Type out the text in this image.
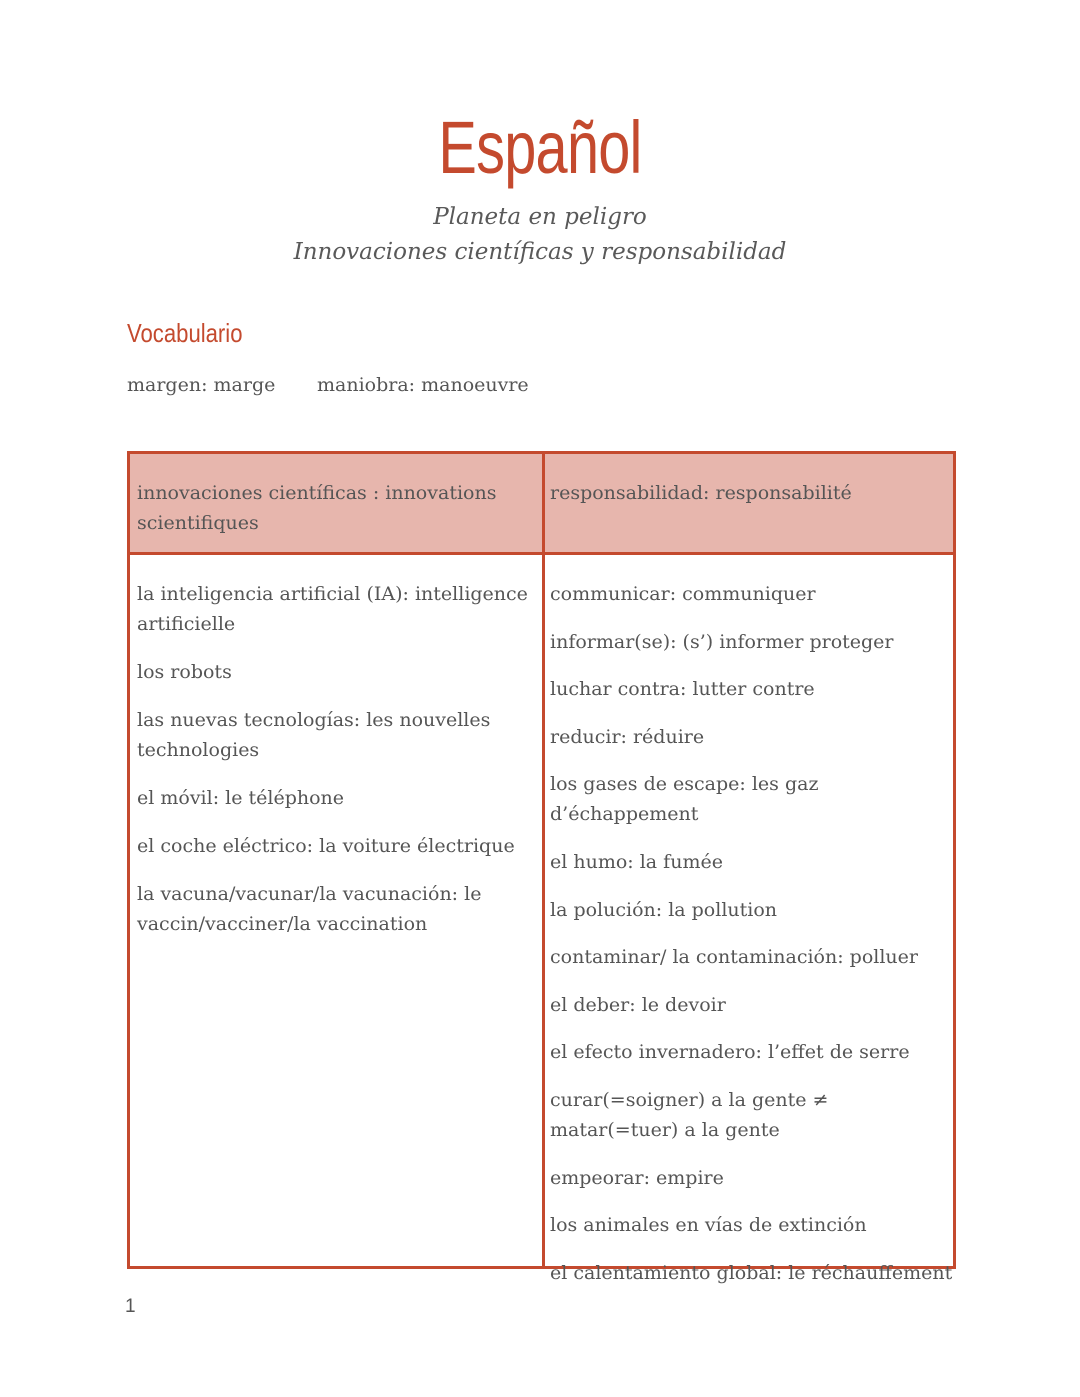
Español
Planeta en peligro
Innovaciones científicas y responsabilidad
Vocabulario
margen: marge maniobra: manoeuvre
innovaciones científicas : innovations scientifiques
responsabilidad: responsabilité
la inteligencia artificial (IA): intelligence artificielle
los robots
las nuevas tecnologías: les nouvelles technologies
el móvil: le téléphone
el coche eléctrico: la voiture électrique
la vacuna/vacunar/la vacunación: le vaccin/vacciner/la vaccination
communicar: communiquer
informar(se): (s’) informer proteger
luchar contra: lutter contre
reducir: réduire
los gases de escape: les gaz d’échappement
el humo: la fumée
la polución: la pollution
contaminar/ la contaminación: polluer
el deber: le devoir
el efecto invernadero: l’effet de serre
curar(=soigner) a la gente ≠ matar(=tuer) a la gente
empeorar: empire
los animales en vías de extinción
el calentamiento global: le réchauffement
1
